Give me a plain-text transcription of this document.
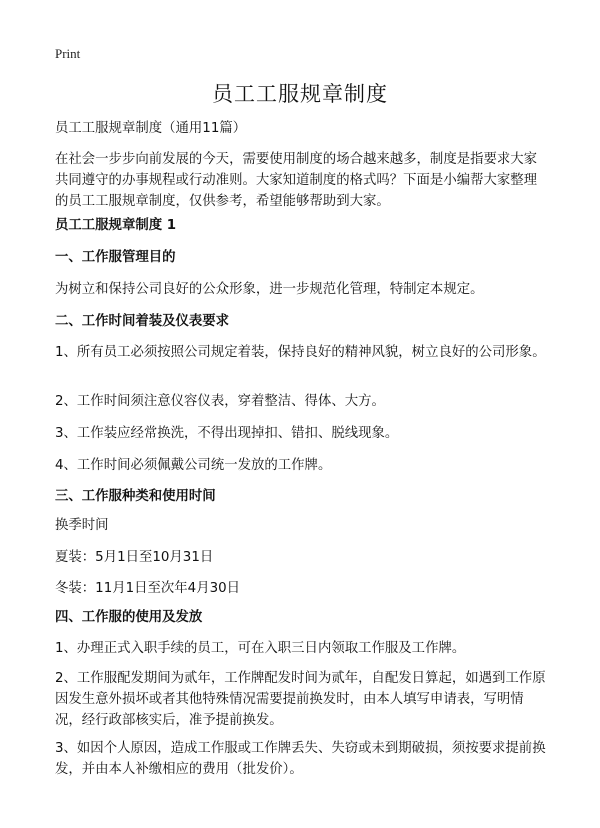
Print
员工工服规章制度

员工工服规章制度（通用11篇）

在社会一步步向前发展的今天，需要使用制度的场合越来越多，制度是指要求大家共同遵守的办事规程或行动准则。大家知道制度的格式吗？下面是小编帮大家整理的员工工服规章制度，仅供参考，希望能够帮助到大家。

员工工服规章制度 1

一、工作服管理目的

为树立和保持公司良好的公众形象，进一步规范化管理，特制定本规定。

二、工作时间着装及仪表要求

1、所有员工必须按照公司规定着装，保持良好的精神风貌，树立良好的公司形象。

2、工作时间须注意仪容仪表，穿着整洁、得体、大方。

3、工作装应经常换洗，不得出现掉扣、错扣、脱线现象。

4、工作时间必须佩戴公司统一发放的工作牌。

三、工作服种类和使用时间

换季时间

夏装：5月1日至10月31日

冬装：11月1日至次年4月30日

四、工作服的使用及发放

1、办理正式入职手续的员工，可在入职三日内领取工作服及工作牌。

2、工作服配发期间为贰年，工作牌配发时间为贰年，自配发日算起，如遇到工作原因发生意外损坏或者其他特殊情况需要提前换发时，由本人填写申请表，写明情况，经行政部核实后，准予提前换发。

3、如因个人原因，造成工作服或工作牌丢失、失窃或未到期破损，须按要求提前换发，并由本人补缴相应的费用（批发价）。
